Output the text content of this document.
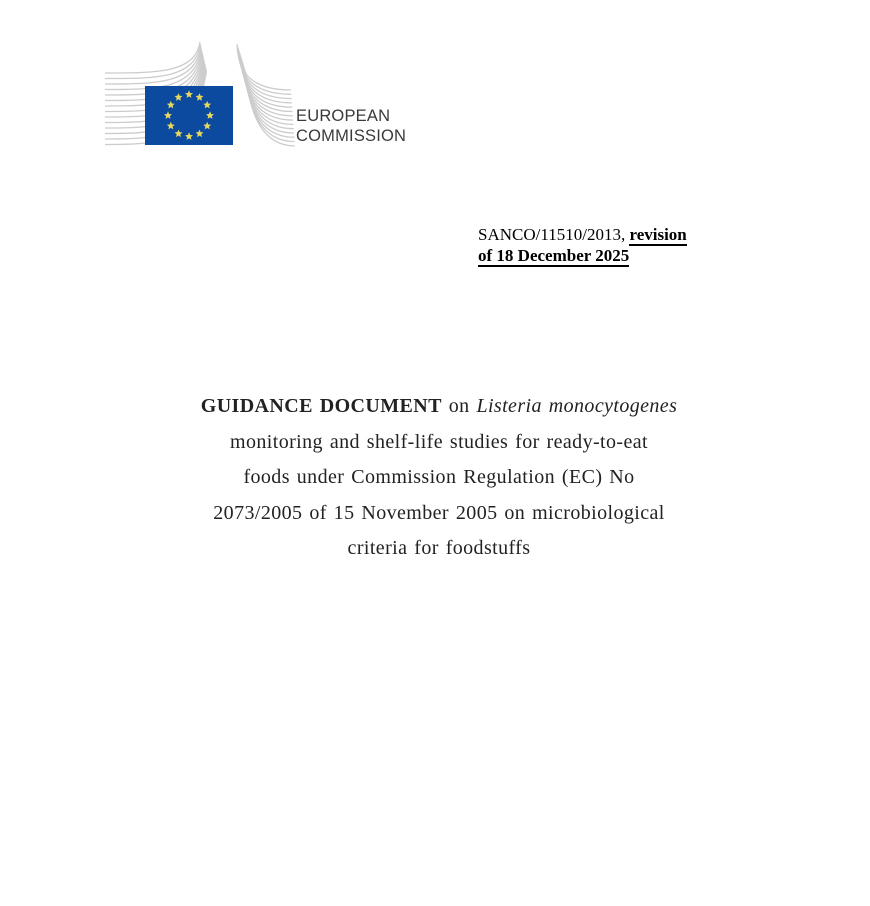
EUROPEAN
COMMISSION
SANCO/11510/2013, revision
of 18 December 2025
GUIDANCE DOCUMENT on Listeria monocytogenes
monitoring and shelf-life studies for ready-to-eat
foods under Commission Regulation (EC) No
2073/2005 of 15 November 2005 on microbiological
criteria for foodstuffs
